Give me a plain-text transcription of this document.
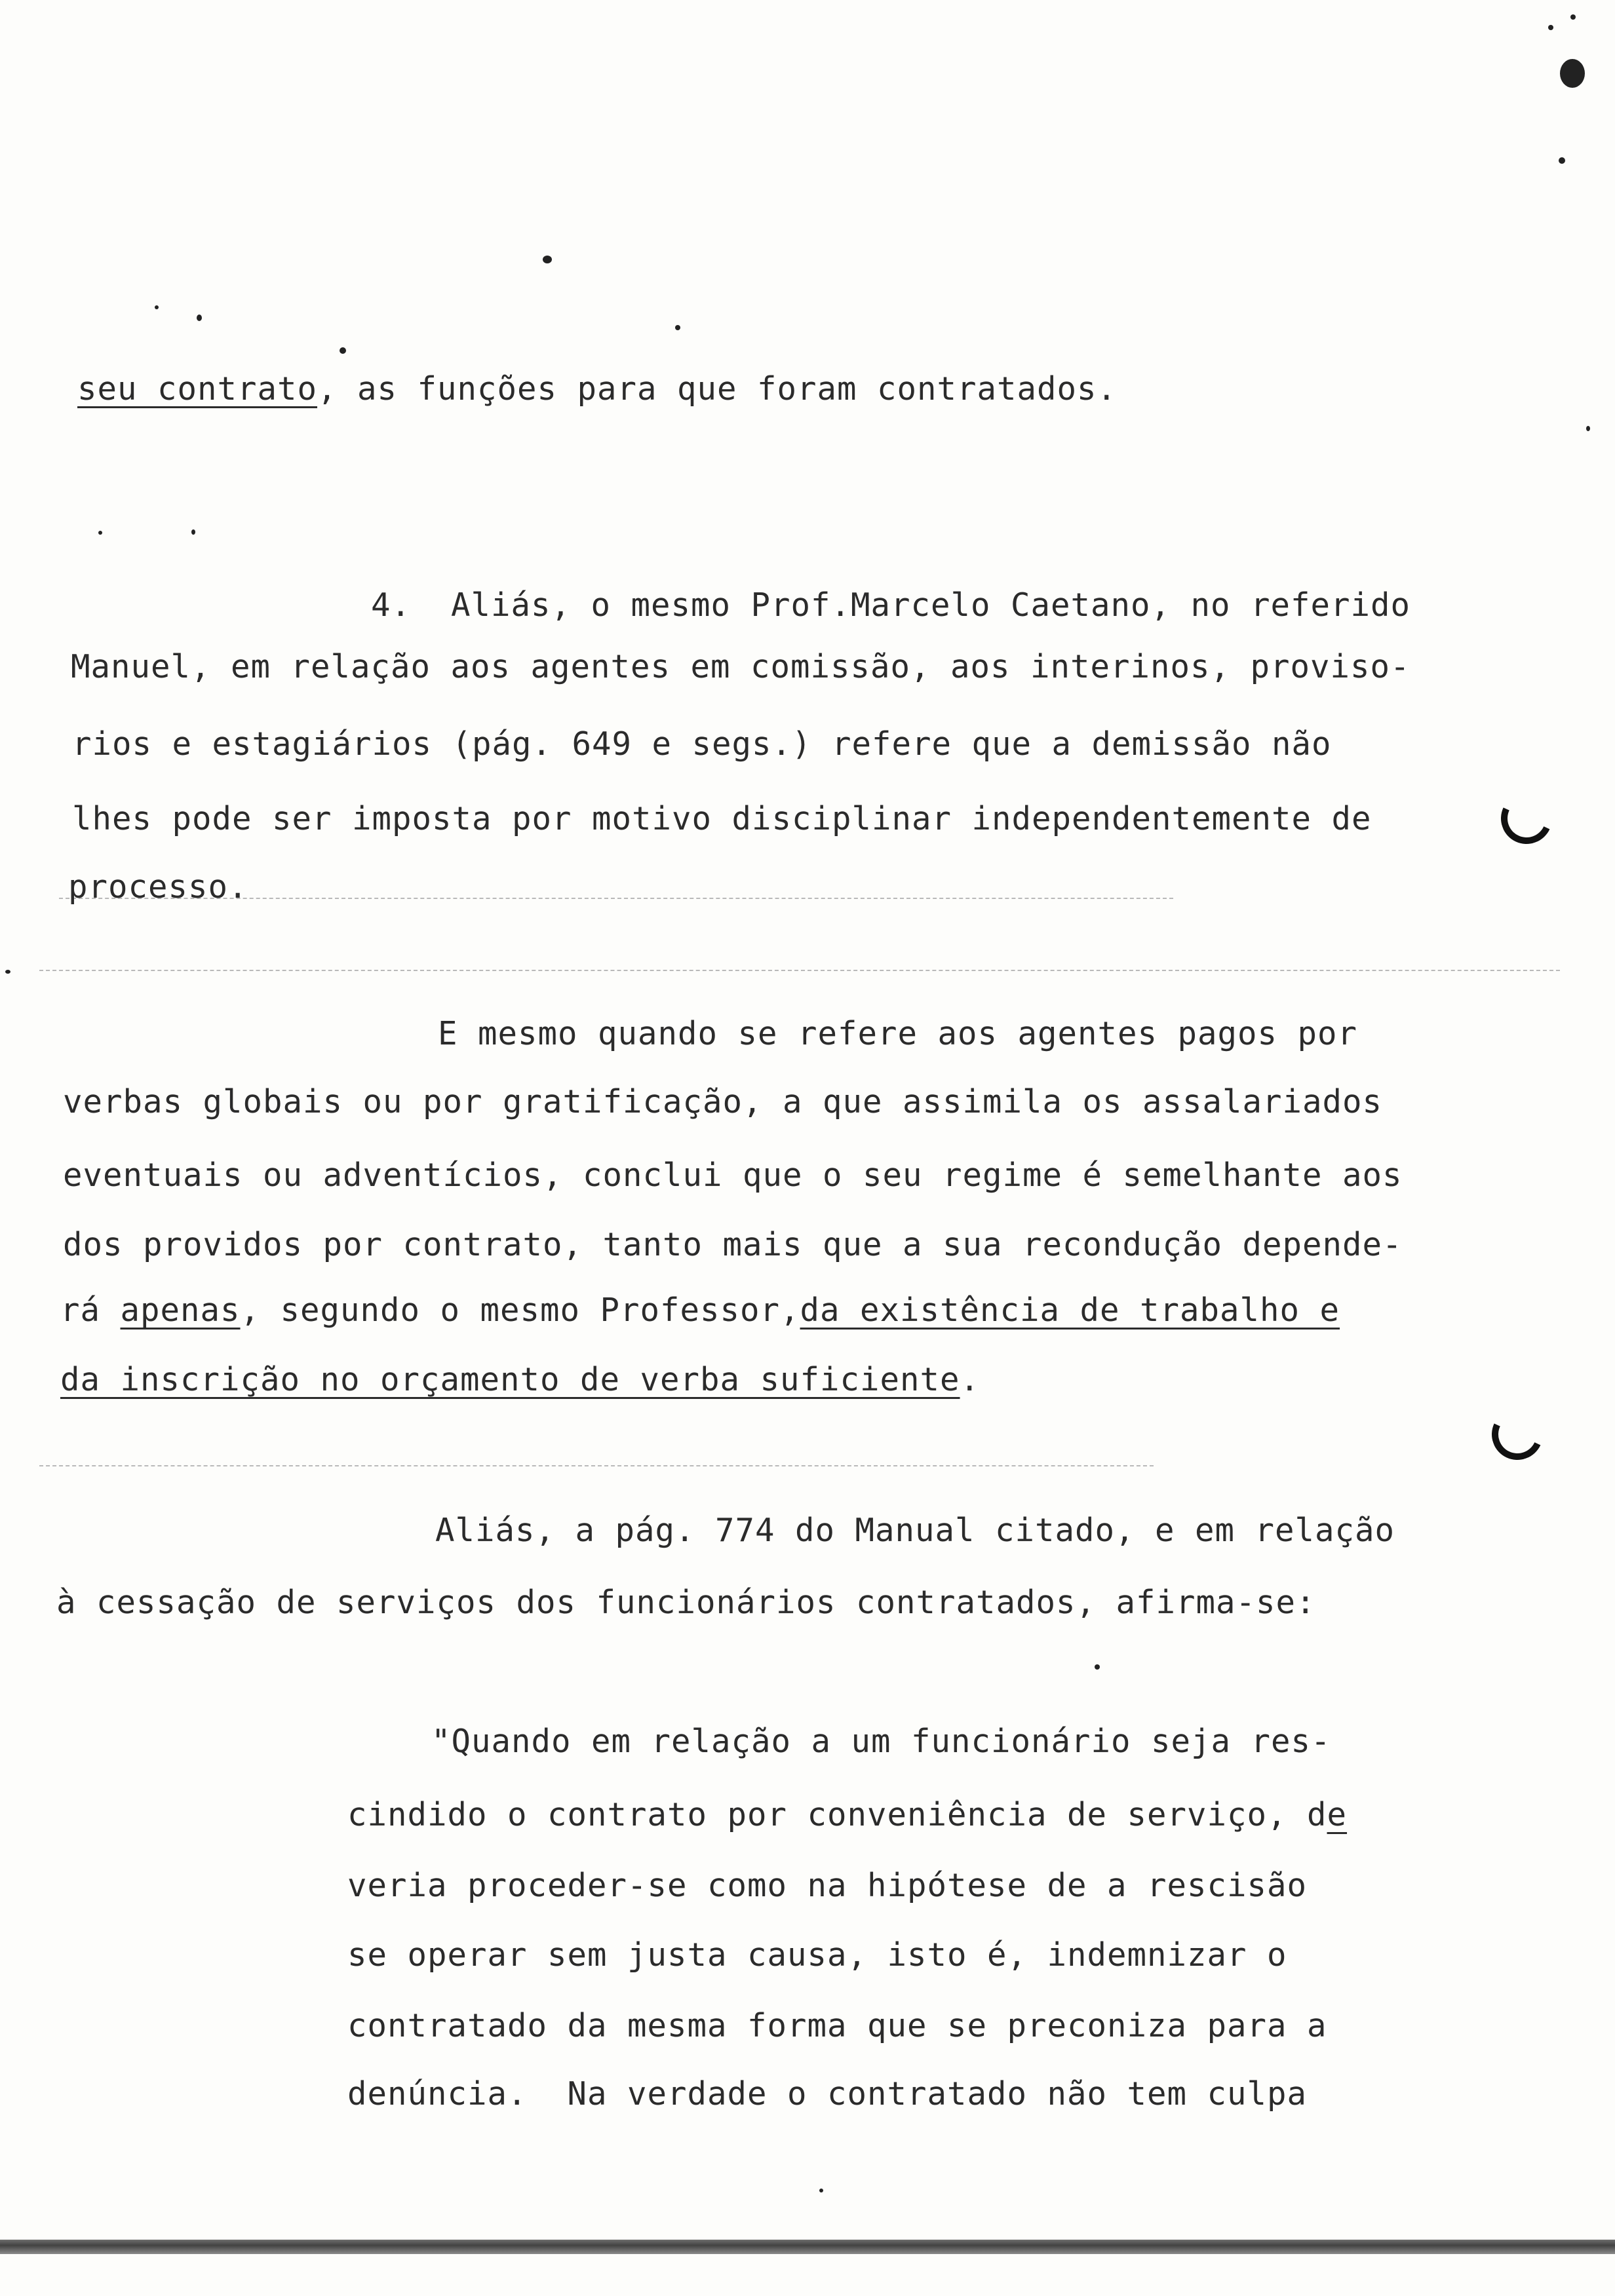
seu contrato, as funções para que foram contratados.
4.  Aliás, o mesmo Prof.Marcelo Caetano, no referido
Manuel, em relação aos agentes em comissão, aos interinos, proviso-
rios e estagiários (pág. 649 e segs.) refere que a demissão não
lhes pode ser imposta por motivo disciplinar independentemente de
processo.
E mesmo quando se refere aos agentes pagos por
verbas globais ou por gratificação, a que assimila os assalariados
eventuais ou adventícios, conclui que o seu regime é semelhante aos
dos providos por contrato, tanto mais que a sua recondução depende-
rá apenas, segundo o mesmo Professor,da existência de trabalho e
da inscrição no orçamento de verba suficiente.
Aliás, a pág. 774 do Manual citado, e em relação
à cessação de serviços dos funcionários contratados, afirma-se:
"Quando em relação a um funcionário seja res-
cindido o contrato por conveniência de serviço, de
veria proceder-se como na hipótese de a rescisão
se operar sem justa causa, isto é, indemnizar o
contratado da mesma forma que se preconiza para a
denúncia.  Na verdade o contratado não tem culpa
